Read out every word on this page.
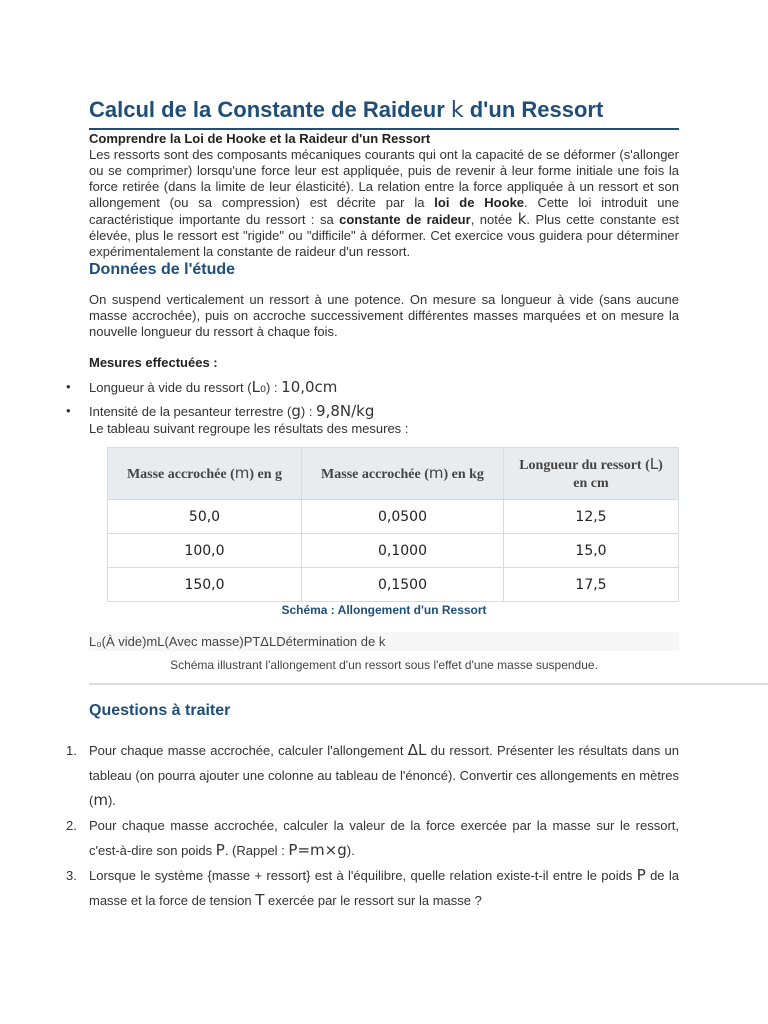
Calcul de la Constante de Raideur k d'un Ressort
Comprendre la Loi de Hooke et la Raideur d'un Ressort

Les ressorts sont des composants mécaniques courants qui ont la capacité de se déformer (s'allonger ou se comprimer) lorsqu'une force leur est appliquée, puis de revenir à leur forme initiale une fois la force retirée (dans la limite de leur élasticité). La relation entre la force appliquée à un ressort et son allongement (ou sa compression) est décrite par la loi de Hooke. Cette loi introduit une caractéristique importante du ressort : sa constante de raideur, notée k. Plus cette constante est élevée, plus le ressort est "rigide" ou "difficile" à déformer. Cet exercice vous guidera pour déterminer expérimentalement la constante de raideur d'un ressort.

Données de l'étude

On suspend verticalement un ressort à une potence. On mesure sa longueur à vide (sans aucune masse accrochée), puis on accroche successivement différentes masses marquées et on mesure la nouvelle longueur du ressort à chaque fois.

Mesures effectuées :
• Longueur à vide du ressort (L₀) : 10,0cm
• Intensité de la pesanteur terrestre (g) : 9,8N/kg
Le tableau suivant regroupe les résultats des mesures :
Masse accrochée (m) en g	Masse accrochée (m) en kg	Longueur du ressort (L) en cm
50,0	0,0500	12,5
100,0	0,1000	15,0
150,0	0,1500	17,5
Schéma : Allongement d'un Ressort
L₀(À vide)mL(Avec masse)PTΔLDétermination de k
Schéma illustrant l'allongement d'un ressort sous l'effet d'une masse suspendue.
Questions à traiter
1. Pour chaque masse accrochée, calculer l'allongement ΔL du ressort. Présenter les résultats dans un tableau (on pourra ajouter une colonne au tableau de l'énoncé). Convertir ces allongements en mètres (m).
2. Pour chaque masse accrochée, calculer la valeur de la force exercée par la masse sur le ressort, c'est-à-dire son poids P. (Rappel : P=m×g).
3. Lorsque le système {masse + ressort} est à l'équilibre, quelle relation existe-t-il entre le poids P de la masse et la force de tension T exercée par le ressort sur la masse ?
